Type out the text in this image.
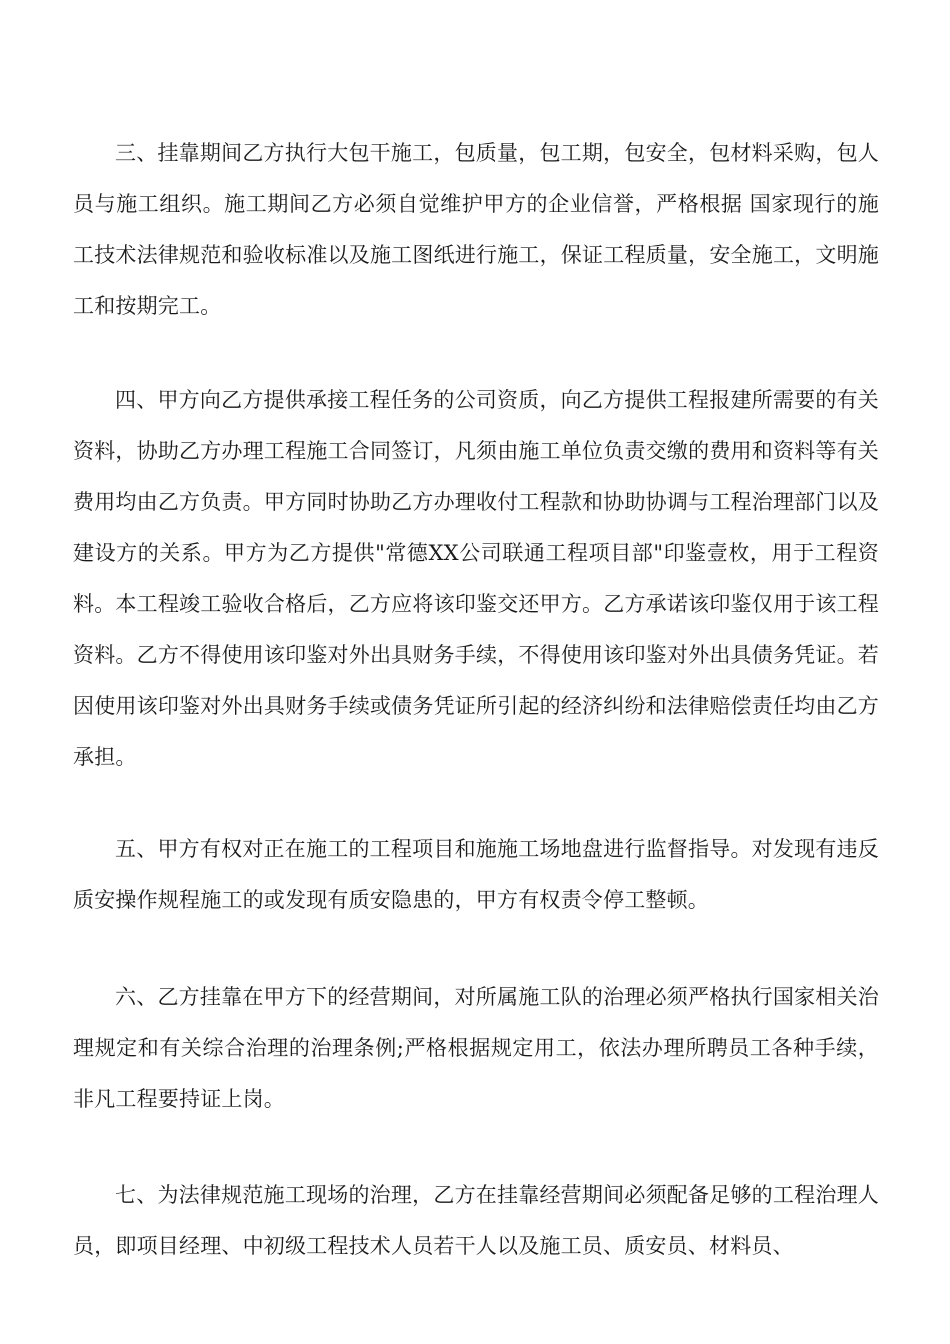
三、挂靠期间乙方执行大包干施工，包质量，包工期，包安全，包材料采购，包人员与施工组织。施工期间乙方必须自觉维护甲方的企业信誉，严格根据 国家现行的施工技术法律规范和验收标准以及施工图纸进行施工，保证工程质量，安全施工，文明施工和按期完工。

四、甲方向乙方提供承接工程任务的公司资质，向乙方提供工程报建所需要的有关资料，协助乙方办理工程施工合同签订，凡须由施工单位负责交缴的费用和资料等有关费用均由乙方负责。甲方同时协助乙方办理收付工程款和协助协调与工程治理部门以及建设方的关系。甲方为乙方提供"常德XX公司联通工程项目部"印鉴壹枚，用于工程资料。本工程竣工验收合格后，乙方应将该印鉴交还甲方。乙方承诺该印鉴仅用于该工程资料。乙方不得使用该印鉴对外出具财务手续，不得使用该印鉴对外出具债务凭证。若因使用该印鉴对外出具财务手续或债务凭证所引起的经济纠纷和法律赔偿责任均由乙方承担。

五、甲方有权对正在施工的工程项目和施施工场地盘进行监督指导。对发现有违反质安操作规程施工的或发现有质安隐患的，甲方有权责令停工整顿。

六、乙方挂靠在甲方下的经营期间，对所属施工队的治理必须严格执行国家相关治理规定和有关综合治理的治理条例;严格根据规定用工，依法办理所聘员工各种手续，非凡工程要持证上岗。

七、为法律规范施工现场的治理，乙方在挂靠经营期间必须配备足够的工程治理人员，即项目经理、中初级工程技术人员若干人以及施工员、质安员、材料员、
